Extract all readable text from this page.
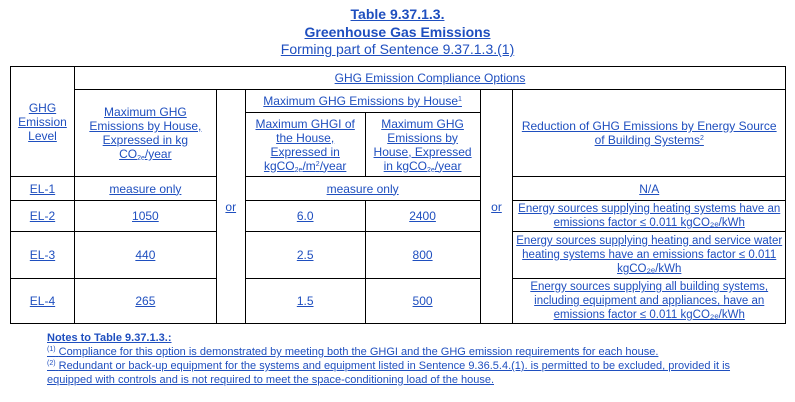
Table 9.37.1.3.
Greenhouse Gas Emissions
Forming part of Sentence 9.37.1.3.(1)
GHG Emission Level	GHG Emission Compliance Options					
	Maximum GHG Emissions by House, Expressed in kg $CO_{2e}$/year	or	Maximum GHG Emissions by House$^1$		or	Reduction of GHG Emissions by Energy Source of Building Systems$^2$
			Maximum GHGI of the House, Expressed in $kgCO_{2e}/m^2$/year	Maximum GHG Emissions by House, Expressed in kgCO$_{2e}$/year		
EL-1	measure only		measure only			N/A
EL-2	1050		6.0	2400		Energy sources supplying heating systems have an emissions factor ≤ 0.011 kgCO₂ₑ/kWh
EL-3	440		2.5	800		Energy sources supplying heating and service water heating systems have an emissions factor ≤ 0.011 kgCO₂ₑ/kWh
EL-4	265		1.5	500		Energy sources supplying all building systems, including equipment and appliances, have an emissions factor ≤ 0.011 kgCO₂ₑ/kWh
Notes to Table 9.37.1.3.:
$^{(1)}$ Compliance for this option is demonstrated by meeting both the GHGI and the GHG emission requirements for each house.
$^{(2)}$ Redundant or back-up equipment for the systems and equipment listed in Sentence 9.36.5.4.(1). is permitted to be excluded, provided it is
equipped with controls and is not required to meet the space-conditioning load of the house.
